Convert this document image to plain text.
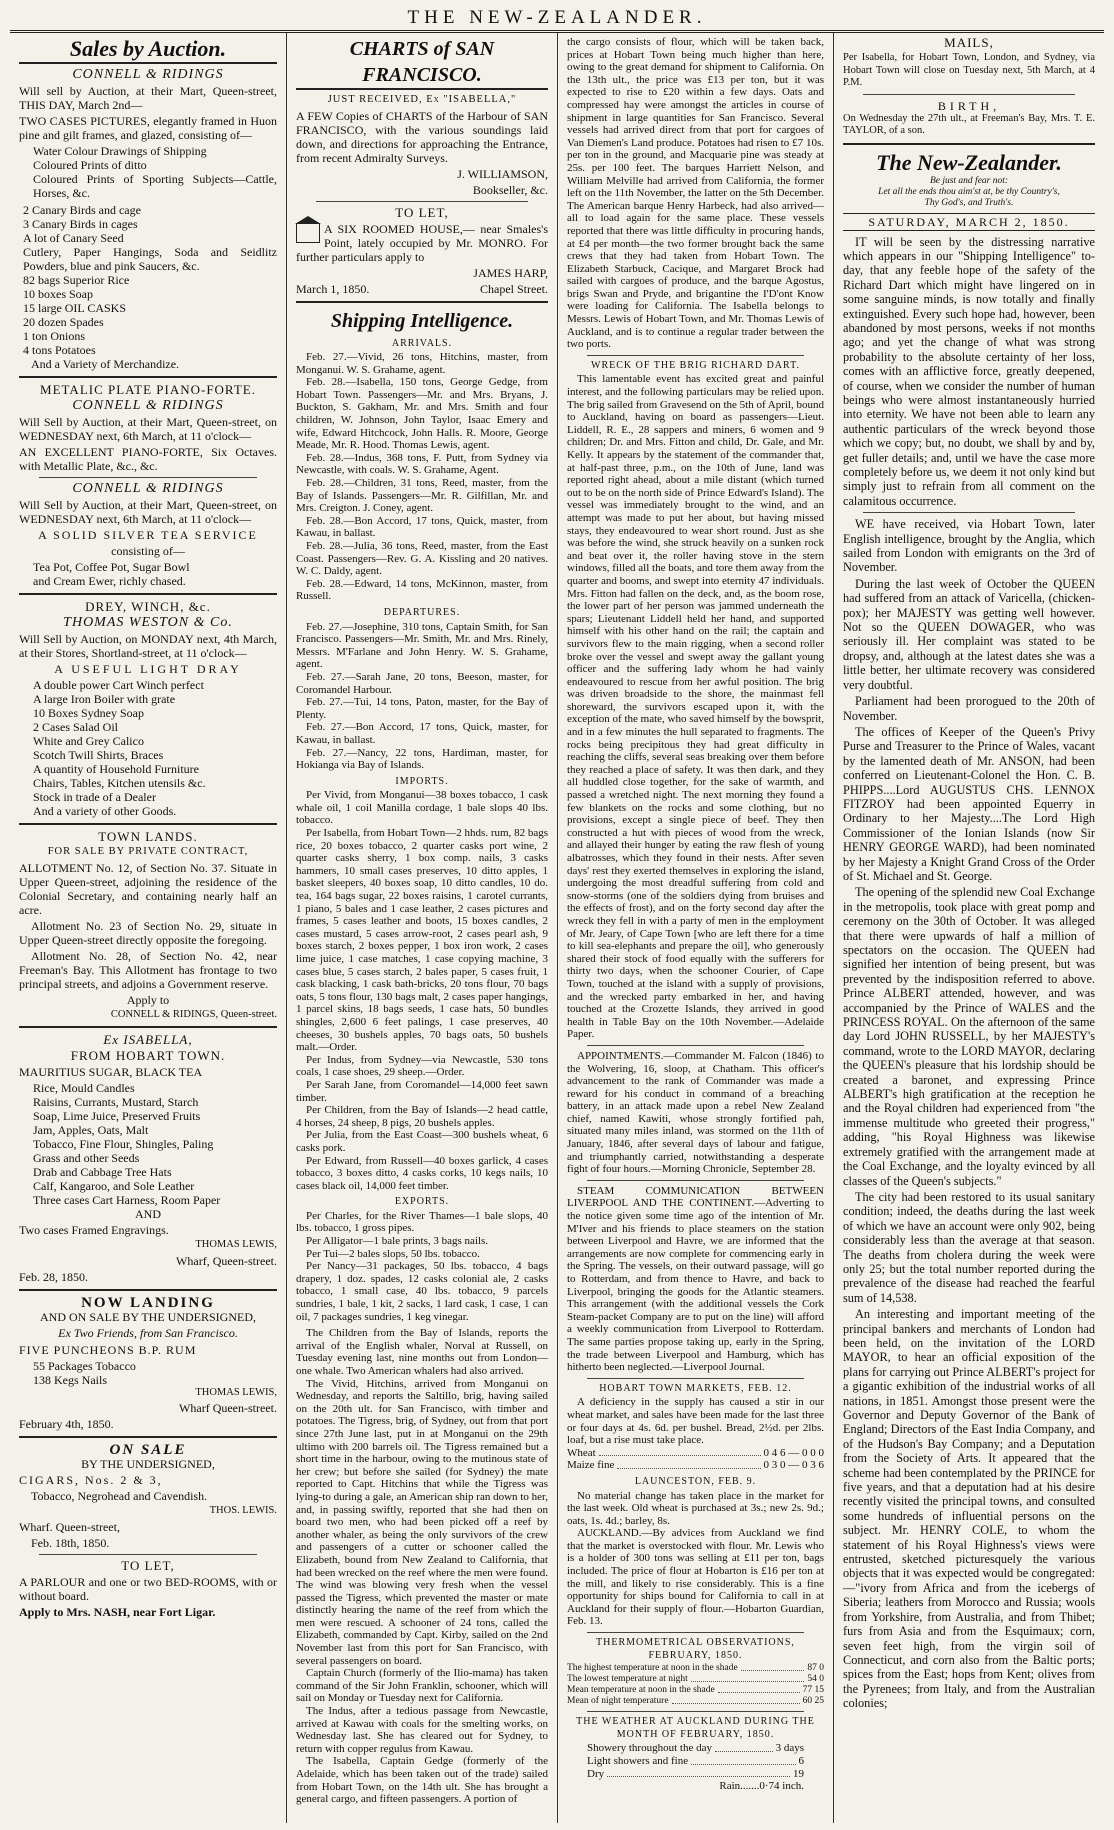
THE NEW-ZEALANDER.
Sales by Auction.
CONNELL & RIDINGS

Will sell by Auction, at their Mart, Queen-street, THIS DAY, March 2nd—

TWO CASES PICTURES, elegantly framed in Huon pine and gilt frames, and glazed, consisting of—

Water Colour Drawings of Shipping
Coloured Prints of ditto
Coloured Prints of Sporting Subjects—Cattle, Horses, &c.
2 Canary Birds and cage
3 Canary Birds in cages
A lot of Canary Seed
Cutlery, Paper Hangings, Soda and Seidlitz Powders, blue and pink Saucers, &c.
82 bags Superior Rice
10 boxes Soap
15 large OIL CASKS
20 dozen Spades
1 ton Onions
4 tons Potatoes
And a Variety of Merchandize.
METALIC PLATE PIANO-FORTE.
CONNELL & RIDINGS

Will Sell by Auction, at their Mart, Queen-street, on WEDNESDAY next, 6th March, at 11 o'clock—

AN EXCELLENT PIANO-FORTE, Six Octaves. with Metallic Plate, &c., &c.

CONNELL & RIDINGS

Will Sell by Auction, at their Mart, Queen-street, on WEDNESDAY next, 6th March, at 11 o'clock—

A SOLID SILVER TEA SERVICE

consisting of—

Tea Pot, Coffee Pot, Sugar Bowl
and Cream Ewer, richly chased.
DREY, WINCH, &c.
THOMAS WESTON & Co.

Will Sell by Auction, on MONDAY next, 4th March, at their Stores, Shortland-street, at 11 o'clock—

A USEFUL LIGHT DRAY

A double power Cart Winch perfect
A large Iron Boiler with grate
10 Boxes Sydney Soap
2 Cases Salad Oil
White and Grey Calico
Scotch Twill Shirts, Braces
A quantity of Household Furniture
Chairs, Tables, Kitchen utensils &c.
Stock in trade of a Dealer
And a variety of other Goods.
TOWN LANDS.

FOR SALE BY PRIVATE CONTRACT,

ALLOTMENT No. 12, of Section No. 37. Situate in Upper Queen-street, adjoining the residence of the Colonial Secretary, and containing nearly half an acre.

Allotment No. 23 of Section No. 29, situate in Upper Queen-street directly opposite the foregoing.

Allotment No. 28, of Section No. 42, near Freeman's Bay. This Allotment has frontage to two principal streets, and adjoins a Government reserve.

Apply to

CONNELL & RIDINGS, Queen-street.

Ex ISABELLA,
FROM HOBART TOWN.

MAURITIUS SUGAR, BLACK TEA

Rice, Mould Candles
Raisins, Currants, Mustard, Starch
Soap, Lime Juice, Preserved Fruits
Jam, Apples, Oats, Malt
Tobacco, Fine Flour, Shingles, Paling
Grass and other Seeds
Drab and Cabbage Tree Hats
Calf, Kangaroo, and Sole Leather
Three cases Cart Harness, Room Paper

AND

Two cases Framed Engravings.

THOMAS LEWIS,

Wharf, Queen-street.

Feb. 28, 1850.

NOW LANDING

AND ON SALE BY THE UNDERSIGNED,

Ex Two Friends, from San Francisco.

FIVE PUNCHEONS B.P. RUM

55 Packages Tobacco
138 Kegs Nails

THOMAS LEWIS,

Wharf Queen-street.

February 4th, 1850.

ON SALE

BY THE UNDERSIGNED,

CIGARS, Nos. 2 & 3,

Tobacco, Negrohead and Cavendish.

THOS. LEWIS.

Wharf. Queen-street,

Feb. 18th, 1850.

TO LET,

A PARLOUR and one or two BED-ROOMS, with or without board.

Apply to Mrs. NASH, near Fort Ligar.

CHARTS of SAN FRANCISCO.

JUST RECEIVED, Ex "ISABELLA,"

A FEW Copies of CHARTS of the Harbour of SAN FRANCISCO, with the various soundings laid down, and directions for approaching the Entrance, from recent Admiralty Surveys.

J. WILLIAMSON,

Bookseller, &c.

TO LET,

A SIX ROOMED HOUSE,— near Smales's Point, lately occupied by Mr. MONRO. For further particulars apply to

JAMES HARP,

March 1, 1850.	Chapel Street.
Shipping Intelligence.
ARRIVALS.

Feb. 27.—Vivid, 26 tons, Hitchins, master, from Monganui. W. S. Grahame, agent.

Feb. 28.—Isabella, 150 tons, George Gedge, from Hobart Town. Passengers—Mr. and Mrs. Bryans, J. Buckton, S. Gakham, Mr. and Mrs. Smith and four children, W. Johnson, John Taylor, Isaac Emery and wife, Edward Hitchcock, John Halls. R. Moore, George Meade, Mr. R. Hood. Thomas Lewis, agent.

Feb. 28.—Indus, 368 tons, F. Putt, from Sydney via Newcastle, with coals. W. S. Grahame, Agent.

Feb. 28.—Children, 31 tons, Reed, master, from the Bay of Islands. Passengers—Mr. R. Gilfillan, Mr. and Mrs. Creigton. J. Coney, agent.

Feb. 28.—Bon Accord, 17 tons, Quick, master, from Kawau, in ballast.

Feb. 28.—Julia, 36 tons, Reed, master, from the East Coast. Passengers—Rev. G. A. Kissling and 20 natives. W. C. Daldy, agent.

Feb. 28.—Edward, 14 tons, McKinnon, master, from Russell.

DEPARTURES.

Feb. 27.—Josephine, 310 tons, Captain Smith, for San Francisco. Passengers—Mr. Smith, Mr. and Mrs. Rinely, Messrs. M'Farlane and John Henry. W. S. Grahame, agent.

Feb. 27.—Sarah Jane, 20 tons, Beeson, master, for Coromandel Harbour.

Feb. 27.—Tui, 14 tons, Paton, master, for the Bay of Plenty.

Feb. 27.—Bon Accord, 17 tons, Quick, master, for Kawau, in ballast.

Feb. 27.—Nancy, 22 tons, Hardiman, master, for Hokianga via Bay of Islands.

IMPORTS.

Per Vivid, from Monganui—38 boxes tobacco, 1 cask whale oil, 1 coil Manilla cordage, 1 bale slops 40 lbs. tobacco.

Per Isabella, from Hobart Town—2 hhds. rum, 82 bags rice, 20 boxes tobacco, 2 quarter casks port wine, 2 quarter casks sherry, 1 box comp. nails, 3 casks hammers, 10 small cases preserves, 10 ditto apples, 1 basket sleepers, 40 boxes soap, 10 ditto candles, 10 do. tea, 164 bags sugar, 22 boxes raisins, 1 carotel currants, 1 piano, 5 bales and 1 case leather, 2 cases pictures and frames, 5 cases leather and boots, 15 boxes candles, 2 cases mustard, 5 cases arrow-root, 2 cases pearl ash, 9 boxes starch, 2 boxes pepper, 1 box iron work, 2 cases lime juice, 1 case matches, 1 case copying machine, 3 cases blue, 5 cases starch, 2 bales paper, 5 cases fruit, 1 cask blacking, 1 cask bath-bricks, 20 tons flour, 70 bags oats, 5 tons flour, 130 bags malt, 2 cases paper hangings, 1 parcel skins, 18 bags seeds, 1 case hats, 50 bundles shingles, 2,600 6 feet palings, 1 case preserves, 40 cheeses, 30 bushels apples, 70 bags oats, 50 bushels malt.—Order.

Per Indus, from Sydney—via Newcastle, 530 tons coals, 1 case shoes, 29 sheep.—Order.

Per Sarah Jane, from Coromandel—14,000 feet sawn timber.

Per Children, from the Bay of Islands—2 head cattle, 4 horses, 24 sheep, 8 pigs, 20 bushels apples.

Per Julia, from the East Coast—300 bushels wheat, 6 casks pork.

Per Edward, from Russell—40 boxes garlick, 4 cases tobacco, 3 boxes ditto, 4 casks corks, 10 kegs nails, 10 cases black oil, 14,000 feet timber.

EXPORTS.

Per Charles, for the River Thames—1 bale slops, 40 lbs. tobacco, 1 gross pipes.

Per Alligator—1 bale prints, 3 bags nails.

Per Tui—2 bales slops, 50 lbs. tobacco.

Per Nancy—31 packages, 50 lbs. tobacco, 4 bags drapery, 1 doz. spades, 12 casks colonial ale, 2 casks tobacco, 1 small case, 40 lbs. tobacco, 9 parcels sundries, 1 bale, 1 kit, 2 sacks, 1 lard cask, 1 case, 1 can oil, 7 packages sundries, 1 keg vinegar.

The Children from the Bay of Islands, reports the arrival of the English whaler, Norval at Russell, on Tuesday evening last, nine months out from London—one whale. Two American whalers had also arrived.

The Vivid, Hitchins, arrived from Monganui on Wednesday, and reports the Saltillo, brig, having sailed on the 20th ult. for San Francisco, with timber and potatoes. The Tigress, brig, of Sydney, out from that port since 27th June last, put in at Monganui on the 29th ultimo with 200 barrels oil. The Tigress remained but a short time in the harbour, owing to the mutinous state of her crew; but before she sailed (for Sydney) the mate reported to Capt. Hitchins that while the Tigress was lying-to during a gale, an American ship ran down to her, and, in passing swiftly, reported that she had then on board two men, who had been picked off a reef by another whaler, as being the only survivors of the crew and passengers of a cutter or schooner called the Elizabeth, bound from New Zealand to California, that had been wrecked on the reef where the men were found. The wind was blowing very fresh when the vessel passed the Tigress, which prevented the master or mate distinctly hearing the name of the reef from which the men were rescued. A schooner of 24 tons, called the Elizabeth, commanded by Capt. Kirby, sailed on the 2nd November last from this port for San Francisco, with several passengers on board.

Captain Church (formerly of the Ilio-mama) has taken command of the Sir John Franklin, schooner, which will sail on Monday or Tuesday next for California.

The Indus, after a tedious passage from Newcastle, arrived at Kawau with coals for the smelting works, on Wednesday last. She has cleared out for Sydney, to return with copper regulus from Kawau.

The Isabella, Captain Gedge (formerly of the Adelaide, which has been taken out of the trade) sailed from Hobart Town, on the 14th ult. She has brought a general cargo, and fifteen passengers. A portion of

the cargo consists of flour, which will be taken back, prices at Hobart Town being much higher than here, owing to the great demand for shipment to California. On the 13th ult., the price was £13 per ton, but it was expected to rise to £20 within a few days. Oats and compressed hay were amongst the articles in course of shipment in large quantities for San Francisco. Several vessels had arrived direct from that port for cargoes of Van Diemen's Land produce. Potatoes had risen to £7 10s. per ton in the ground, and Macquarie pine was steady at 25s. per 100 feet. The barques Harriett Nelson, and William Melville had arrived from California, the former left on the 11th November, the latter on the 5th December. The American barque Henry Harbeck, had also arrived—all to load again for the same place. These vessels reported that there was little difficulty in procuring hands, at £4 per month—the two former brought back the same crews that they had taken from Hobart Town. The Elizabeth Starbuck, Cacique, and Margaret Brock had sailed with cargoes of produce, and the barque Agostus, brigs Swan and Pryde, and brigantine the I'D'ont Know were loading for California. The Isabella belongs to Messrs. Lewis of Hobart Town, and Mr. Thomas Lewis of Auckland, and is to continue a regular trader between the two ports.

WRECK OF THE BRIG RICHARD DART.

This lamentable event has excited great and painful interest, and the following particulars may be relied upon. The brig sailed from Gravesend on the 5th of April, bound to Auckland, having on board as passengers—Lieut. Liddell, R. E., 28 sappers and miners, 6 women and 9 children; Dr. and Mrs. Fitton and child, Dr. Gale, and Mr. Kelly. It appears by the statement of the commander that, at half-past three, p.m., on the 10th of June, land was reported right ahead, about a mile distant (which turned out to be on the north side of Prince Edward's Island). The vessel was immediately brought to the wind, and an attempt was made to put her about, but having missed stays, they endeavoured to wear short round. Just as she was before the wind, she struck heavily on a sunken rock and beat over it, the roller having stove in the stern windows, filled all the boats, and tore them away from the quarter and booms, and swept into eternity 47 individuals. Mrs. Fitton had fallen on the deck, and, as the boom rose, the lower part of her person was jammed underneath the spars; Lieutenant Liddell held her hand, and supported himself with his other hand on the rail; the captain and survivors flew to the main rigging, when a second roller broke over the vessel and swept away the gallant young officer and the suffering lady whom he had vainly endeavoured to rescue from her awful position. The brig was driven broadside to the shore, the mainmast fell shoreward, the survivors escaped upon it, with the exception of the mate, who saved himself by the bowsprit, and in a few minutes the hull separated to fragments. The rocks being precipitous they had great difficulty in reaching the cliffs, several seas breaking over them before they reached a place of safety. It was then dark, and they all huddled close together, for the sake of warmth, and passed a wretched night. The next morning they found a few blankets on the rocks and some clothing, but no provisions, except a single piece of beef. They then constructed a hut with pieces of wood from the wreck, and allayed their hunger by eating the raw flesh of young albatrosses, which they found in their nests. After seven days' rest they exerted themselves in exploring the island, undergoing the most dreadful suffering from cold and snow-storms (one of the soldiers dying from bruises and the effects of frost), and on the forty second day after the wreck they fell in with a party of men in the employment of Mr. Jeary, of Cape Town [who are left there for a time to kill sea-elephants and prepare the oil], who generously shared their stock of food equally with the sufferers for thirty two days, when the schooner Courier, of Cape Town, touched at the island with a supply of provisions, and the wrecked party embarked in her, and having touched at the Crozette Islands, they arrived in good health in Table Bay on the 10th November.—Adelaide Paper.

APPOINTMENTS.—Commander M. Falcon (1846) to the Wolvering, 16, sloop, at Chatham. This officer's advancement to the rank of Commander was made a reward for his conduct in command of a breaching battery, in an attack made upon a rebel New Zealand chief, named Kawiti, whose strongly fortified pah, situated many miles inland, was stormed on the 11th of January, 1846, after several days of labour and fatigue, and triumphantly carried, notwithstanding a desperate fight of four hours.—Morning Chronicle, September 28.

STEAM COMMUNICATION BETWEEN LIVERPOOL AND THE CONTINENT.—Adverting to the notice given some time ago of the intention of Mr. M'Iver and his friends to place steamers on the station between Liverpool and Havre, we are informed that the arrangements are now complete for commencing early in the Spring. The vessels, on their outward passage, will go to Rotterdam, and from thence to Havre, and back to Liverpool, bringing the goods for the Atlantic steamers. This arrangement (with the additional vessels the Cork Steam-packet Company are to put on the line) will afford a weekly communication from Liverpool to Rotterdam. The same parties propose taking up, early in the Spring, the trade between Liverpool and Hamburg, which has hitherto been neglected.—Liverpool Journal.

HOBART TOWN MARKETS, FEB. 12.

A deficiency in the supply has caused a stir in our wheat market, and sales have been made for the last three or four days at 4s. 6d. per bushel. Bread, 2½d. per 2lbs. loaf, but a rise must take place.

Wheat	0 4 6 — 0 0 0
Maize fine	0 3 0 — 0 3 6
LAUNCESTON, FEB. 9.

No material change has taken place in the market for the last week. Old wheat is purchased at 3s.; new 2s. 9d.; oats, 1s. 4d.; barley, 8s.

AUCKLAND.—By advices from Auckland we find that the market is overstocked with flour. Mr. Lewis who is a holder of 300 tons was selling at £11 per ton, bags included. The price of flour at Hobarton is £16 per ton at the mill, and likely to rise considerably. This is a fine opportunity for ships bound for California to call in at Auckland for their supply of flour.—Hobarton Guardian, Feb. 13.

THERMOMETRICAL OBSERVATIONS, FEBRUARY, 1850.
The highest temperature at noon in the shade	87 0
The lowest temperature at night	54 0
Mean temperature at noon in the shade	77 15
Mean of night temperature	60 25
THE WEATHER AT AUCKLAND DURING THE MONTH OF FEBRUARY, 1850.
Showery throughout the day	3 days
Light showers and fine	6
Dry	19

Rain.......0·74 inch.

MAILS,

Per Isabella, for Hobart Town, London, and Sydney, via Hobart Town will close on Tuesday next, 5th March, at 4 P.M.

BIRTH,

On Wednesday the 27th ult., at Freeman's Bay, Mrs. T. E. TAYLOR, of a son.

The New-Zealander.
Be just and fear not:
Let all the ends thou aim'st at, be thy Country's,
Thy God's, and Truth's.
SATURDAY, MARCH 2, 1850.

IT will be seen by the distressing narrative which appears in our "Shipping Intelligence" to-day, that any feeble hope of the safety of the Richard Dart which might have lingered on in some sanguine minds, is now totally and finally extinguished. Every such hope had, however, been abandoned by most persons, weeks if not months ago; and yet the change of what was strong probability to the absolute certainty of her loss, comes with an afflictive force, greatly deepened, of course, when we consider the number of human beings who were almost instantaneously hurried into eternity. We have not been able to learn any authentic particulars of the wreck beyond those which we copy; but, no doubt, we shall by and by, get fuller details; and, until we have the case more completely before us, we deem it not only kind but simply just to refrain from all comment on the calamitous occurrence.

WE have received, via Hobart Town, later English intelligence, brought by the Anglia, which sailed from London with emigrants on the 3rd of November.

During the last week of October the QUEEN had suffered from an attack of Varicella, (chicken-pox); her MAJESTY was getting well however. Not so the QUEEN DOWAGER, who was seriously ill. Her complaint was stated to be dropsy, and, although at the latest dates she was a little better, her ultimate recovery was considered very doubtful.

Parliament had been prorogued to the 20th of November.

The offices of Keeper of the Queen's Privy Purse and Treasurer to the Prince of Wales, vacant by the lamented death of Mr. ANSON, had been conferred on Lieutenant-Colonel the Hon. C. B. PHIPPS....Lord AUGUSTUS CHS. LENNOX FITZROY had been appointed Equerry in Ordinary to her Majesty....The Lord High Commissioner of the Ionian Islands (now Sir HENRY GEORGE WARD), had been nominated by her Majesty a Knight Grand Cross of the Order of St. Michael and St. George.

The opening of the splendid new Coal Exchange in the metropolis, took place with great pomp and ceremony on the 30th of October. It was alleged that there were upwards of half a million of spectators on the occasion. The QUEEN had signified her intention of being present, but was prevented by the indisposition referred to above. Prince ALBERT attended, however, and was accompanied by the Prince of WALES and the PRINCESS ROYAL. On the afternoon of the same day Lord JOHN RUSSELL, by her MAJESTY's command, wrote to the LORD MAYOR, declaring the QUEEN's pleasure that his lordship should be created a baronet, and expressing Prince ALBERT's high gratification at the reception he and the Royal children had experienced from "the immense multitude who greeted their progress," adding, "his Royal Highness was likewise extremely gratified with the arrangement made at the Coal Exchange, and the loyalty evinced by all classes of the Queen's subjects."

The city had been restored to its usual sanitary condition; indeed, the deaths during the last week of which we have an account were only 902, being considerably less than the average at that season. The deaths from cholera during the week were only 25; but the total number reported during the prevalence of the disease had reached the fearful sum of 14,538.

An interesting and important meeting of the principal bankers and merchants of London had been held, on the invitation of the LORD MAYOR, to hear an official exposition of the plans for carrying out Prince ALBERT's project for a gigantic exhibition of the industrial works of all nations, in 1851. Amongst those present were the Governor and Deputy Governor of the Bank of England; Directors of the East India Company, and of the Hudson's Bay Company; and a Deputation from the Society of Arts. It appeared that the scheme had been contemplated by the PRINCE for five years, and that a deputation had at his desire recently visited the principal towns, and consulted some hundreds of influential persons on the subject. Mr. HENRY COLE, to whom the statement of his Royal Highness's views were entrusted, sketched picturesquely the various objects that it was expected would be congregated:—"ivory from Africa and from the icebergs of Siberia; leathers from Morocco and Russia; wools from Yorkshire, from Australia, and from Thibet; furs from Asia and from the Esquimaux; corn, seven feet high, from the virgin soil of Connecticut, and corn also from the Baltic ports; spices from the East; hops from Kent; olives from the Pyrenees; from Italy, and from the Australian colonies;
